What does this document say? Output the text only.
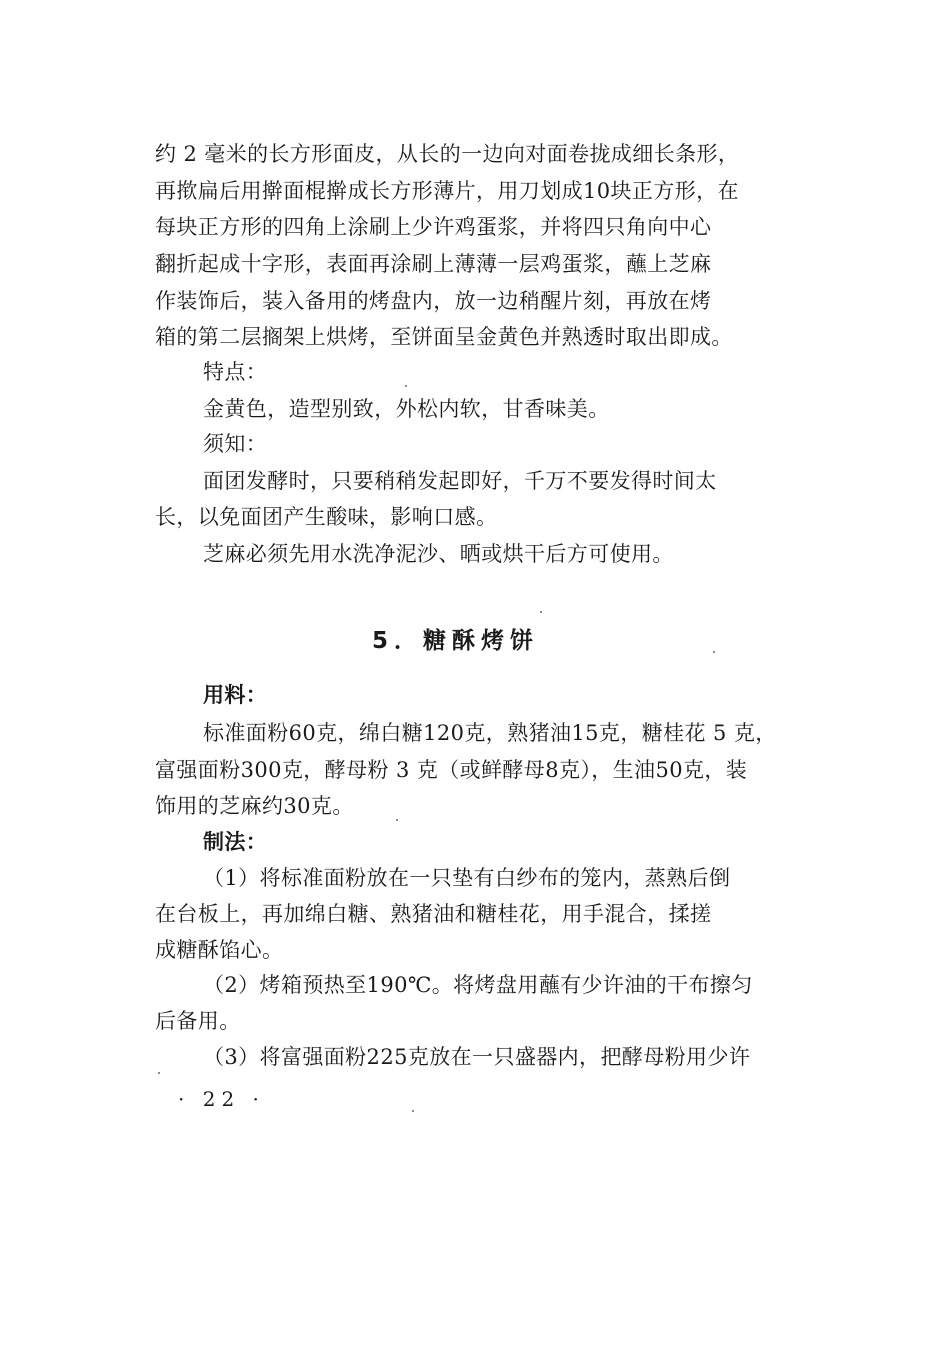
约 2 毫米的长方形面皮，从长的一边向对面卷拢成细长条形，
再揿扁后用擀面棍擀成长方形薄片，用刀划成10块正方形，在
每块正方形的四角上涂刷上少许鸡蛋浆，并将四只角向中心
翻折起成十字形，表面再涂刷上薄薄一层鸡蛋浆，蘸上芝麻
作装饰后，装入备用的烤盘内，放一边稍醒片刻，再放在烤
箱的第二层搁架上烘烤，至饼面呈金黄色并熟透时取出即成。
特点：
金黄色，造型别致，外松内软，甘香味美。
须知：
面团发酵时，只要稍稍发起即好，千万不要发得时间太
长，以免面团产生酸味，影响口感。
芝麻必须先用水洗净泥沙、晒或烘干后方可使用。
5．糖酥烤饼
用料：
标准面粉60克，绵白糖120克，熟猪油15克，糖桂花 5 克，
富强面粉300克，酵母粉 3 克（或鲜酵母8克），生油50克，装
饰用的芝麻约30克。
制法：
（1）将标准面粉放在一只垫有白纱布的笼内，蒸熟后倒
在台板上，再加绵白糖、熟猪油和糖桂花，用手混合，揉搓
成糖酥馅心。
（2）烤箱预热至190℃。将烤盘用蘸有少许油的干布擦匀
后备用。
（3）将富强面粉225克放在一只盛器内，把酵母粉用少许
· 22 ·
